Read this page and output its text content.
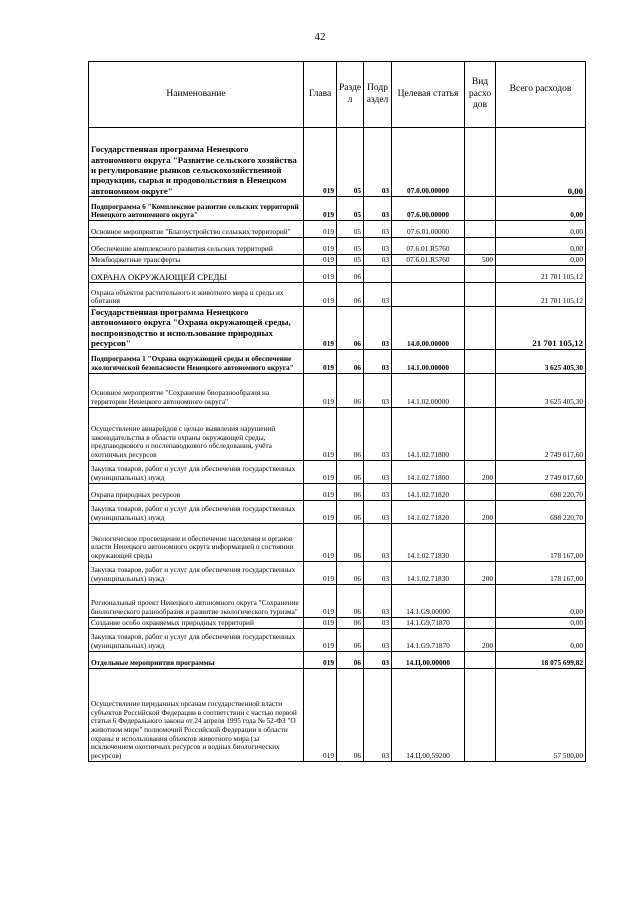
42
Наименование	Глава	Разде л	Подр аздел	Целевая статья	Вид расхо дов	Всего расходов
Государственная программа Ненецкого автономного округа "Развитие сельского хозяйства и регулирование рынков сельскохозяйственной продукции, сырья и продовольствия в Ненецком автономном округе"	019	05	03	07.0.00.00000		0,00
Подпрограмма 6 "Комплексное развитие сельских территорий Ненецкого автономного округа"	019	05	03	07.6.00.00000		0,00
Основное мероприятие "Благоустройство сельских территорий"	019	05	03	07.6.01.00000		0,00
Обеспечение комплексного развития сельских территорий	019	05	03	07.6.01.R5760		0,00
Межбюджетные трансферты	019	05	03	07.6.01.R5760	500	0,00
ОХРАНА ОКРУЖАЮЩЕЙ СРЕДЫ	019	06				21 701 105,12
Охрана объектов растительного и животного мира и среды их обитания	019	06	03			21 701 105,12
Государственная программа Ненецкого автономного округа "Охрана окружающей среды, воспроизводство и использование природных ресурсов"	019	06	03	14.0.00.00000		21 701 105,12
Подпрограмма 1 "Охрана окружающей среды и обеспечение экологической безопасности Ненецкого автономного округа"	019	06	03	14.1.00.00000		3 625 405,30
Основное мероприятие "Сохранение биоразнообразия на территории Ненецкого автономного округа"	019	06	03	14.1.02.00000		3 625 405,30
Осуществление авиарейдов с целью выявления нарушений законодательства в области охраны окружающей среды, предпаводкового и послепаводкового обследования, учёта охотничьих ресурсов	019	06	03	14.1.02.71800		2 749 017,60
Закупка товаров, работ и услуг для обеспечения государственных (муниципальных) нужд	019	06	03	14.1.02.71800	200	2 749 017,60
Охрана природных ресурсов	019	06	03	14.1.02.71820		698 220,70
Закупка товаров, работ и услуг для обеспечения государственных (муниципальных) нужд	019	06	03	14.1.02.71820	200	698 220,70
Экологическое просвещение и обеспечение населения и органов власти Ненецкого автономного округа информацией о состоянии окружающей среды	019	06	03	14.1.02.71830		178 167,00
Закупка товаров, работ и услуг для обеспечения государственных (муниципальных) нужд	019	06	03	14.1.02.71830	200	178 167,00
Региональный проект Ненецкого автономного округа "Сохранение биологического разнообразия и развитие экологического туризма"	019	06	03	14.1.G9.00000		0,00
Создание особо охраняемых природных территорий	019	06	03	14.1.G9.71870		0,00
Закупка товаров, работ и услуг для обеспечения государственных (муниципальных) нужд	019	06	03	14.1.G9.71870	200	0,00
Отдельные мероприятия программы	019	06	03	14.Ц.00.00000		18 075 699,82
Осуществление переданных органам государственной власти субъектов Российской Федерации в соответствии с частью первой статьи 6 Федерального закона от 24 апреля 1995 года № 52-ФЗ "О животном мире" полномочий Российской Федерации в области охраны и использования объектов животного мира (за исключением охотничьих ресурсов и водных биологических ресурсов)	019	06	03	14.Ц.00.59200		57 500,00
